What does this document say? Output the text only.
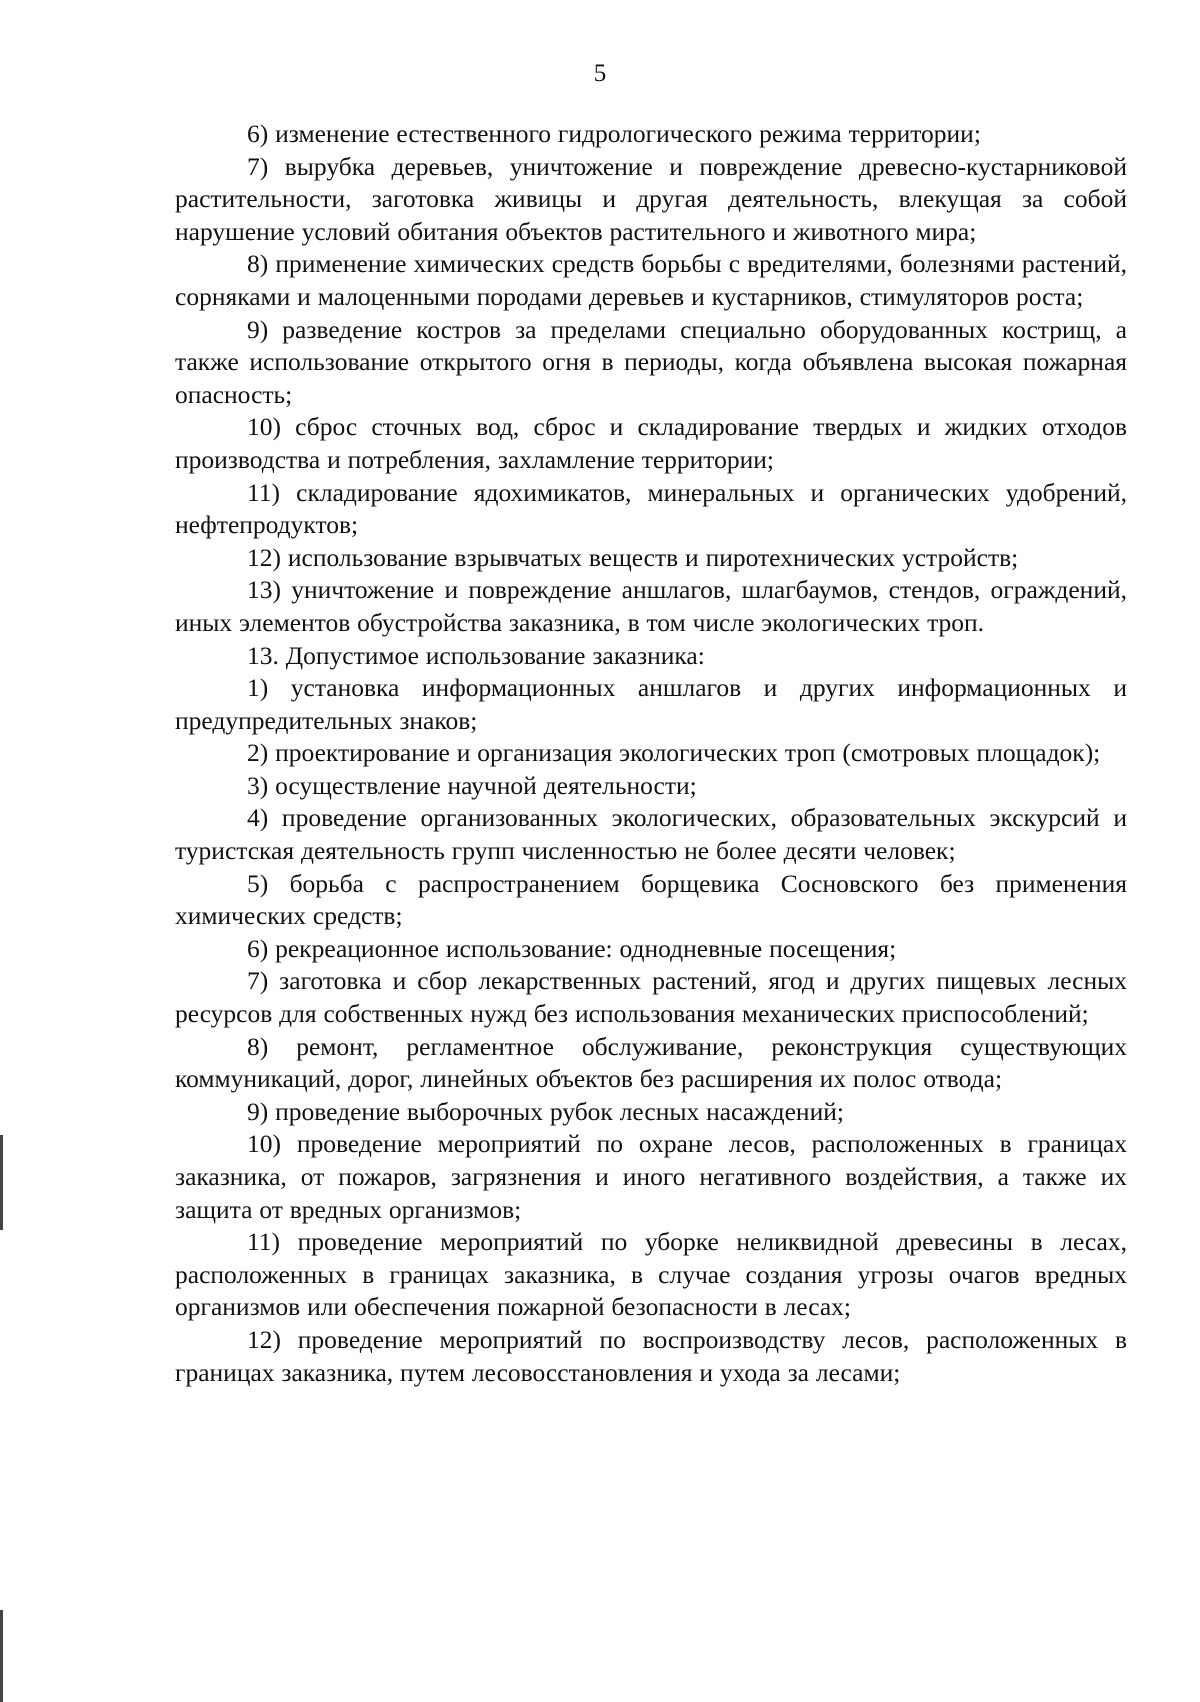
5

6) изменение естественного гидрологического режима территории;

7) вырубка деревьев, уничтожение и повреждение древесно-кустарниковой растительности, заготовка живицы и другая деятельность, влекущая за собой нарушение условий обитания объектов растительного и животного мира;

8) применение химических средств борьбы с вредителями, болезнями растений, сорняками и малоценными породами деревьев и кустарников, стимуляторов роста;

9) разведение костров за пределами специально оборудованных кострищ, а также использование открытого огня в периоды, когда объявлена высокая пожарная опасность;

10) сброс сточных вод, сброс и складирование твердых и жидких отходов производства и потребления, захламление территории;

11) складирование ядохимикатов, минеральных и органических удобрений, нефтепродуктов;

12) использование взрывчатых веществ и пиротехнических устройств;

13) уничтожение и повреждение аншлагов, шлагбаумов, стендов, ограждений, иных элементов обустройства заказника, в том числе экологических троп.

13. Допустимое использование заказника:

1) установка информационных аншлагов и других информационных и предупредительных знаков;

2) проектирование и организация экологических троп (смотровых площадок);

3) осуществление научной деятельности;

4) проведение организованных экологических, образовательных экскурсий и туристская деятельность групп численностью не более десяти человек;

5) борьба с распространением борщевика Сосновского без применения химических средств;

6) рекреационное использование: однодневные посещения;

7) заготовка и сбор лекарственных растений, ягод и других пищевых лесных ресурсов для собственных нужд без использования механических приспособлений;

8) ремонт, регламентное обслуживание, реконструкция существующих коммуникаций, дорог, линейных объектов без расширения их полос отвода;

9) проведение выборочных рубок лесных насаждений;

10) проведение мероприятий по охране лесов, расположенных в границах заказника, от пожаров, загрязнения и иного негативного воздействия, а также их защита от вредных организмов;

11) проведение мероприятий по уборке неликвидной древесины в лесах, расположенных в границах заказника, в случае создания угрозы очагов вредных организмов или обеспечения пожарной безопасности в лесах;

12) проведение мероприятий по воспроизводству лесов, расположенных в границах заказника, путем лесовосстановления и ухода за лесами;
